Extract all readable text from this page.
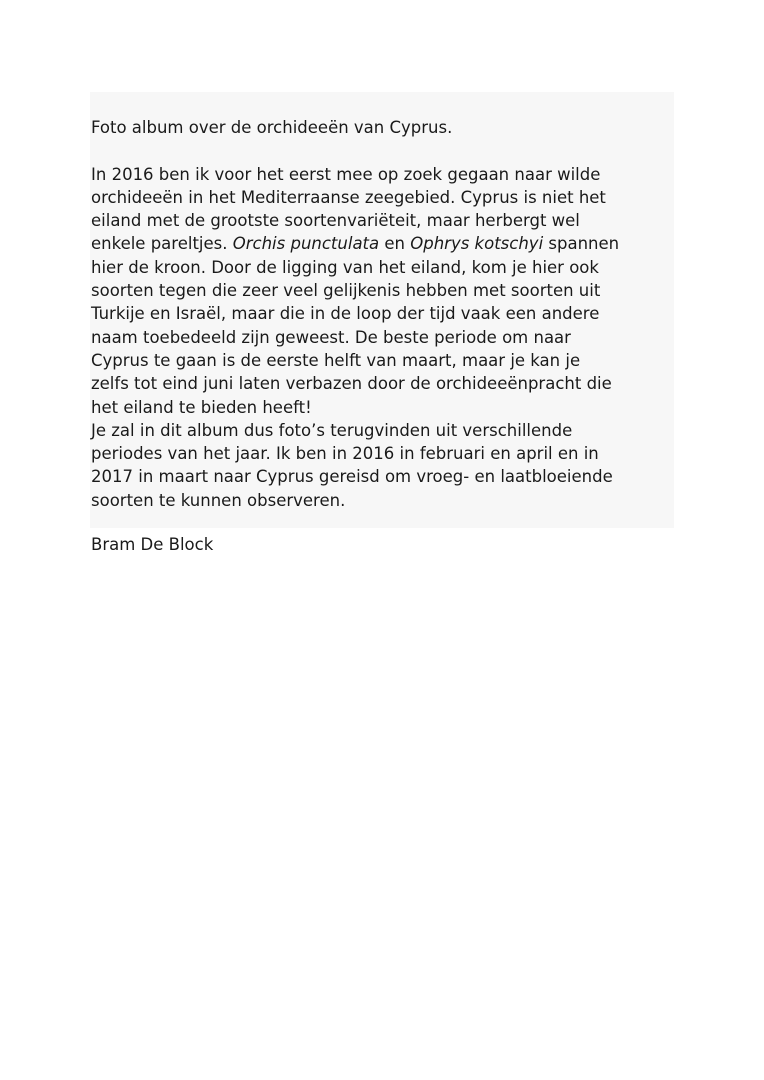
Foto album over de orchideeën van Cyprus.

In 2016 ben ik voor het eerst mee op zoek gegaan naar wilde

orchideeën in het Mediterraanse zeegebied. Cyprus is niet het

eiland met de grootste soortenvariëteit, maar herbergt wel

enkele pareltjes. Orchis punctulata en Ophrys kotschyi spannen

hier de kroon. Door de ligging van het eiland, kom je hier ook

soorten tegen die zeer veel gelijkenis hebben met soorten uit

Turkije en Israël, maar die in de loop der tijd vaak een andere

naam toebedeeld zijn geweest. De beste periode om naar

Cyprus te gaan is de eerste helft van maart, maar je kan je

zelfs tot eind juni laten verbazen door de orchideeënpracht die

het eiland te bieden heeft!

Je zal in dit album dus foto’s terugvinden uit verschillende

periodes van het jaar. Ik ben in 2016 in februari en april en in

2017 in maart naar Cyprus gereisd om vroeg- en laatbloeiende

soorten te kunnen observeren.

Bram De Block
